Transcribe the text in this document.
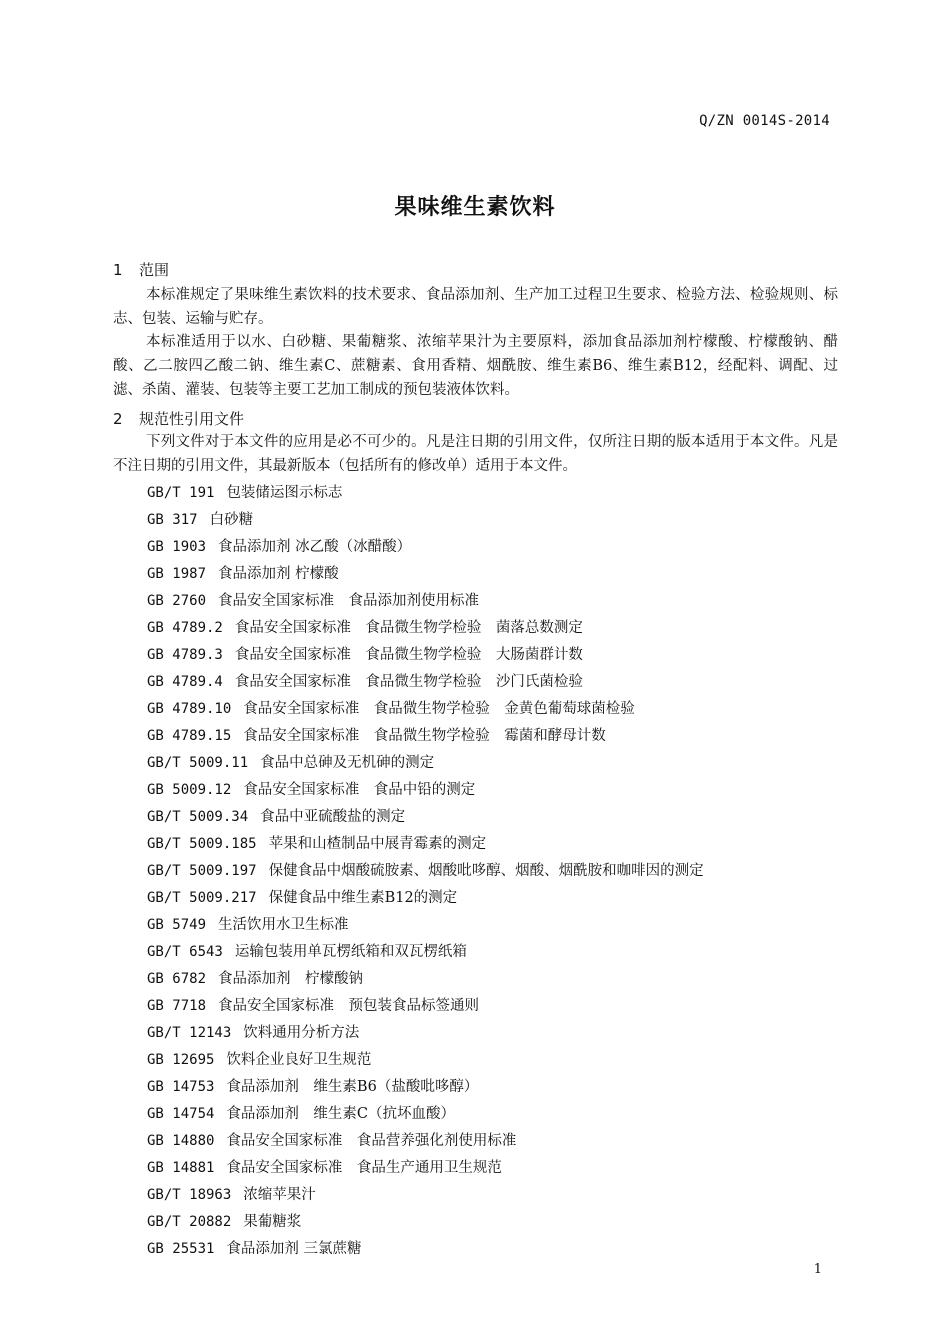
Q/ZN 0014S-2014
果味维生素饮料
1 范围

本标准规定了果味维生素饮料的技术要求、食品添加剂、生产加工过程卫生要求、检验方法、检验规则、标志、包装、运输与贮存。

本标准适用于以水、白砂糖、果葡糖浆、浓缩苹果汁为主要原料，添加食品添加剂柠檬酸、柠檬酸钠、醋酸、乙二胺四乙酸二钠、维生素C、蔗糖素、食用香精、烟酰胺、维生素B6、维生素B12，经配料、调配、过滤、杀菌、灌装、包装等主要工艺加工制成的预包装液体饮料。

2 规范性引用文件

下列文件对于本文件的应用是必不可少的。凡是注日期的引用文件，仅所注日期的版本适用于本文件。凡是不注日期的引用文件，其最新版本（包括所有的修改单）适用于本文件。

GB/T 191 包装储运图示标志
GB 317 白砂糖
GB 1903 食品添加剂 冰乙酸（冰醋酸）
GB 1987 食品添加剂 柠檬酸
GB 2760 食品安全国家标准　食品添加剂使用标准
GB 4789.2 食品安全国家标准　食品微生物学检验　菌落总数测定
GB 4789.3 食品安全国家标准　食品微生物学检验　大肠菌群计数
GB 4789.4 食品安全国家标准　食品微生物学检验　沙门氏菌检验
GB 4789.10 食品安全国家标准　食品微生物学检验　金黄色葡萄球菌检验
GB 4789.15 食品安全国家标准　食品微生物学检验　霉菌和酵母计数
GB/T 5009.11 食品中总砷及无机砷的测定
GB 5009.12 食品安全国家标准　食品中铅的测定
GB/T 5009.34 食品中亚硫酸盐的测定
GB/T 5009.185 苹果和山楂制品中展青霉素的测定
GB/T 5009.197 保健食品中烟酸硫胺素、烟酸吡哆醇、烟酸、烟酰胺和咖啡因的测定
GB/T 5009.217 保健食品中维生素B12的测定
GB 5749 生活饮用水卫生标准
GB/T 6543 运输包装用单瓦楞纸箱和双瓦楞纸箱
GB 6782 食品添加剂　柠檬酸钠
GB 7718 食品安全国家标准　预包装食品标签通则
GB/T 12143 饮料通用分析方法
GB 12695 饮料企业良好卫生规范
GB 14753 食品添加剂　维生素B6（盐酸吡哆醇）
GB 14754 食品添加剂　维生素C（抗坏血酸）
GB 14880 食品安全国家标准　食品营养强化剂使用标准
GB 14881 食品安全国家标准　食品生产通用卫生规范
GB/T 18963 浓缩苹果汁
GB/T 20882 果葡糖浆
GB 25531 食品添加剂 三氯蔗糖
1
